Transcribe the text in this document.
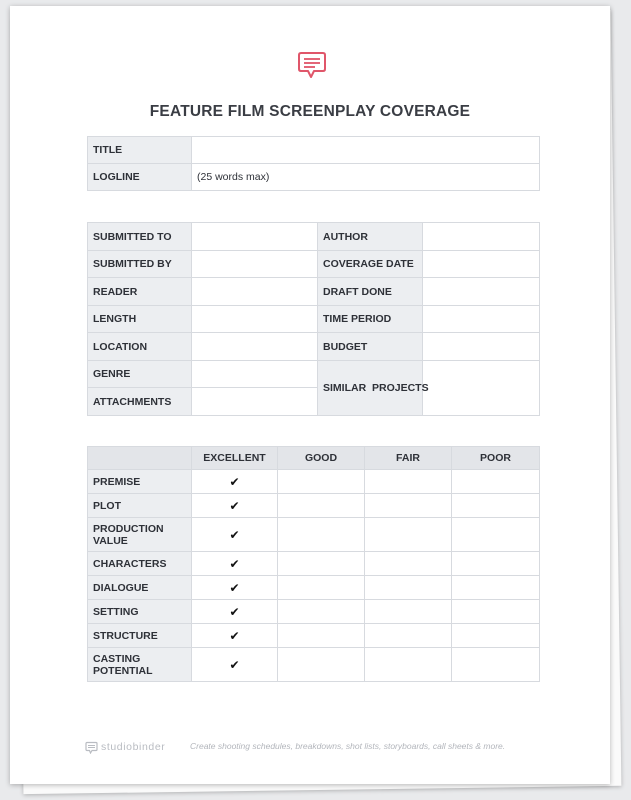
FEATURE FILM SCREENPLAY COVERAGE
TITLE	
LOGLINE	(25 words max)
SUBMITTED TO		AUTHOR	
SUBMITTED BY		COVERAGE DATE	
READER		DRAFT DONE	
LENGTH		TIME PERIOD	
LOCATION		BUDGET	
GENRE		SIMILAR  PROJECTS	
ATTACHMENTS			
	EXCELLENT	GOOD	FAIR	POOR
PREMISE	✔			
PLOT	✔			
PRODUCTION
VALUE	✔			
CHARACTERS	✔			
DIALOGUE	✔			
SETTING	✔			
STRUCTURE	✔			
CASTING
POTENTIAL	✔			
studiobinder	Create shooting schedules, breakdowns, shot lists, storyboards, call sheets & more.
